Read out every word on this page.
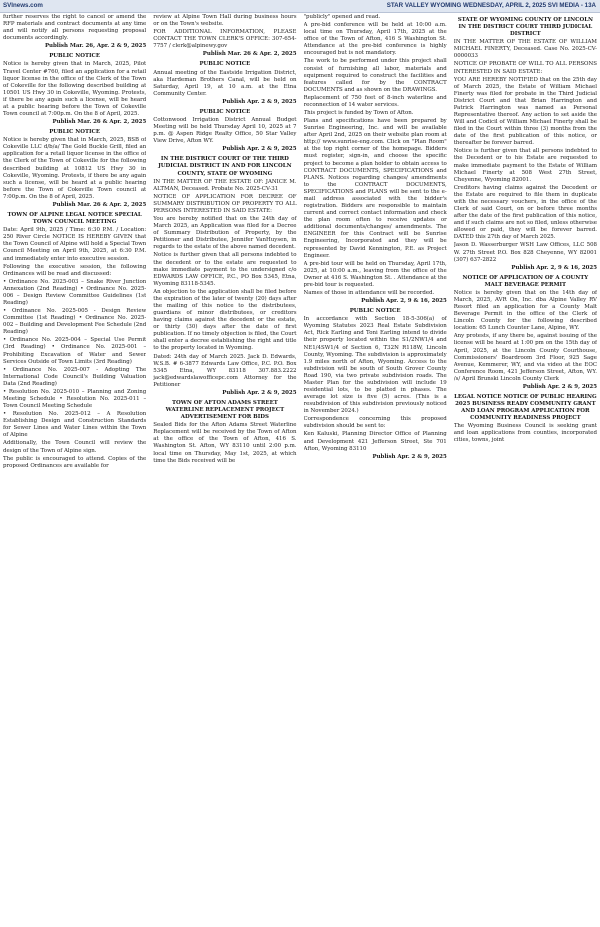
SVInews.com	STAR VALLEY WYOMING WEDNESDAY, APRIL 2, 2025 SVI MEDIA - 13A

further reserves the right to cancel or amend the RFP materials and contract documents at any time and will notify all persons requesting proposal documents accordingly.

Publish Mar. 26, Apr. 2 & 9, 2025

PUBLIC NOTICE

Notice is hereby given that in March, 2025, Pilot Travel Center #760, filed an application for a retail liquor license in the office of the Clerk of the Town of Cokeville for the following described building at 10501 US Hwy 30 in Cokeville, Wyoming. Protests, if there be any again such a license, will be heard at a public hearing before the Town of Cokeville Town council at 7:00p.m. On the 8 of April, 2025.

Publish Mar. 26 & Apr. 2, 2025

PUBLIC NOTICE

Notice is hereby given that in March, 2025, BSB of Cokeville LLC d/b/a/ The Gold Buckle Grill, filed an application for a retail liquor license in the office of the Clerk of the Town of Cokeville for the following described building at 10812 US Hwy 30 in Cokeville, Wyoming. Protests, if there be any again such a license, will be heard at a public hearing before the Town of Cokeville Town council at 7:00p.m. On the 8 of April, 2025.

Publish Mar. 26 & Apr. 2, 2025

TOWN OF ALPINE LEGAL NOTICE SPECIAL TOWN COUNCIL MEETING

Date: April 9th, 2025 / Time: 6:30 P.M. / Location: 250 River Circle NOTICE IS HEREBY GIVEN that the Town Council of Alpine will hold a Special Town Council Meeting on April 9th, 2025, at 6:30 P.M. and immediately enter into executive session.

Following the executive session, the following Ordinances will be read and discussed:

• Ordinance No. 2025-003 – Snake River Junction Annexation (2nd Reading) • Ordinance No. 2025-006 – Design Review Committee Guidelines (1st Reading)

• Ordinance No. 2025-005 - Design Review Committee (1st Reading) • Ordinance No. 2025-002 – Building and Development Fee Schedule (2nd Reading)

• Ordinance No. 2025-004 – Special Use Permit (3rd Reading) • Ordinance No. 2025-001 – Prohibiting Excavation of Water and Sewer Services Outside of Town Limits (3rd Reading)

• Ordinance No. 2025-007 - Adopting The International Code Council's Building Valuation Data (2nd Reading)

• Resolution No. 2025-010 – Planning and Zoning Meeting Schedule • Resolution No. 2025-011 – Town Council Meeting Schedule

• Resolution No. 2025-012 – A Resolution Establishing Design and Construction Standards for Sewer Lines and Water Lines within the Town of Alpine

Additionally, the Town Council will review the design of the Town of Alpine sign.

The public is encouraged to attend. Copies of the proposed Ordinances are available for

review at Alpine Town Hall during business hours or on the Town's website.

FOR ADDITIONAL INFORMATION, PLEASE CONTACT THE TOWN CLERK'S OFFICE: 307-654-7757 / clerk@alpinewy.gov

Publish Mar. 26 & Apr. 2, 2025

PUBLIC NOTICE

Annual meeting of the Eastside Irrigation District, aka Hardeman Brothers Canal, will be held on Saturday, April 19, at 10 a.m. at the Etna Community Center.

Publish Apr. 2 & 9, 2025

PUBLIC NOTICE

Cottonwood Irrigation District Annual Budget Meeting will be held Thursday April 10, 2025 at 7 p.m. @ Aspen Ridge Realty Office, 50 Star Valley View Drive, Afton WY.

Publish Apr. 2 & 9, 2025

IN THE DISTRICT COURT OF THE THIRD JUDICIAL DISTRICT IN AND FOR LINCOLN COUNTY, STATE OF WYOMING

IN THE MATTER OF THE ESTATE OF: JANICE M. ALTMAN, Deceased. Probate No. 2025-CV-31

NOTICE OF APPLICATION FOR DECREE OF SUMMARY DISTRIBUTION OF PROPERTY TO ALL PERSONS INTERESTED IN SAID ESTATE:

You are hereby notified that on the 24th day of March 2025, an Application was filed for a Decree of Summary Distribution of Property, by the Petitioner and Distributee, Jennifer VanHuysen, in regards to the estate of the above named decedent.

Notice is further given that all persons indebted to the decedent or to the estate are requested to make immediate payment to the undersigned c/o EDWARDS LAW OFFICE, P.C., PO Box 5345, Etna, Wyoming 83118-5345.

An objection to the application shall be filed before the expiration of the later of twenty (20) days after the mailing of this notice to the distributees, guardians of minor distributees, or creditors having claims against the decedent or the estate, or thirty (30) days after the date of first publication. If no timely objection is filed, the Court shall enter a decree establishing the right and title to the property located in Wyoming.

Dated: 24th day of March 2025. Jack D. Edwards, W.S.B. # 6-3877 Edwards Law Office, P.C. P.O. Box 5345 Etna, WY 83118 307.883.2222 jack@edwardslawofficepc.com Attorney for the Petitioner

Publish Apr. 2 & 9, 2025

TOWN OF AFTON ADAMS STREET WATERLINE REPLACEMENT PROJECT ADVERTISEMENT FOR BIDS

Sealed Bids for the Afton Adams Street Waterline Replacement will be received by the Town of Afton at the office of the Town of Afton, 416 S. Washington St. Afton, WY 83110 until 2:00 p.m. local time on Thursday, May 1st, 2025, at which time the Bids received will be

"publicly" opened and read.

A pre-bid conference will be held at 10:00 a.m. local time on Thursday, April 17th, 2025 at the office of the Town of Afton, 416 S Washington St. Attendance at the pre-bid conference is highly encouraged but is not mandatory.

The work to be performed under this project shall consist of furnishing all labor, materials and equipment required to construct the facilities and features called for by the CONTRACT DOCUMENTS and as shown on the DRAWINGS.

Replacement of 750 feet of 8-inch waterline and reconnection of 14 water services.

This project is funded by Town of Afton.

Plans and specifications have been prepared by Sunrise Engineering, Inc. and will be available after April 2nd, 2025 on their website plan room at http:// www.sunrise-eng.com. Click on "Plan Room" at the top right corner of the homepage. Bidders must register, sign-in, and choose the specific project to become a plan holder to obtain access to CONTRACT DOCUMENTS, SPECIFICATIONS and PLANS. Notices regarding changes/ amendments to the CONTRACT DOCUMENTS, SPECIFICATIONS and PLANS will be sent to the e-mail address associated with the bidder's registration. Bidders are responsible to maintain current and correct contact information and check the plan room often to receive updates or additional documents/changes/ amendments. The ENGINEER for this Contract will be Sunrise Engineering, Incorporated and they will be represented by David Kennington, P.E. as Project Engineer.

A pre-bid tour will be held on Thursday, April 17th, 2025, at 10:00 a.m., leaving from the office of the Owner at 416 S. Washington St. . Attendance at the pre-bid tour is requested.

Names of those in attendance will be recorded.

Publish Apr. 2, 9 & 16, 2025

PUBLIC NOTICE

In accordance with Section 18-5-306(a) of Wyoming Statutes 2023 Real Estate Subdivision Act, Rick Earling and Toni Earling intend to divide their property located within the S1/2NW1/4 and NE1/4SW1/4 of Section 6, T32N R118W, Lincoln County, Wyoming. The subdivision is approximately 1.9 miles north of Afton, Wyoming. Access to the subdivision will be south of South Grover County Road 190, via two private subdivision roads. The Master Plan for the subdivision will include 19 residential lots, to be platted in phases. The average lot size is five (5) acres. (This is a resubdivision of this subdivision previously noticed in November 2024.)

Correspondence concerning this proposed subdivision should be sent to:

Ken Kaluski, Planning Director Office of Planning and Development 421 Jefferson Street, Ste 701 Afton, Wyoming 83110

Publish Apr. 2 & 9, 2025

STATE OF WYOMING COUNTY OF LINCOLN IN THE DISTRICT COURT THIRD JUDICIAL DISTRICT

IN THE MATTER OF THE ESTATE OF WILLIAM MICHAEL FINERTY, Deceased. Case No. 2025-CV-0000033

NOTICE OF PROBATE OF WILL TO ALL PERSONS INTERESTED IN SAID ESTATE:

YOU ARE HEREBY NOTIFIED that on the 25th day of March 2025, the Estate of William Michael Finerty was filed for probate in the Third Judicial District Court and that Brian Harrington and Patrick Harrington was named as Personal Representative thereof. Any action to set aside the Will and Codicil of William Michael Finerty shall be filed in the Court within three (3) months from the date of the first publication of this notice, or thereafter be forever barred.

Notice is further given that all persons indebted to the Decedent or to his Estate are requested to make immediate payment to the Estate of William Michael Finerty at 508 West 27th Street, Cheyenne, Wyoming 82001.

Creditors having claims against the Decedent or the Estate are required to file them in duplicate with the necessary vouchers, in the office of the Clerk of said Court, on or before three months after the date of the first publication of this notice, and if such claims are not so filed, unless otherwise allowed or paid, they will be forever barred. DATED this 27th day of March 2025.

Jason D. Wasserburger WSH Law Offices, LLC 508 W. 27th Street P.O. Box 828 Cheyenne, WY 82001 (307) 637-2822

Publish Apr. 2, 9 & 16, 2025

NOTICE OF APPLICATION OF A COUNTY MALT BEVERAGE PERMIT

Notice is hereby given that on the 14th day of March, 2025, AVR On, Inc. dba Alpine Valley RV Resort filed an application for a County Malt Beverage Permit in the office of the Clerk of Lincoln County for the following described location: 65 Lunch Counter Lane, Alpine, WY.

Any protests, if any there be, against issuing of the license will be heard at 1:00 pm on the 15th day of April, 2025, at the Lincoln County Courthouse, Commissioners' Boardroom 3rd Floor, 925 Sage Avenue, Kemmerer, WY, and via video at the EOC Conference Room, 421 Jefferson Street, Afton, WY. /s/ April Brunski Lincoln County Clerk

Publish Apr. 2 & 9, 2025

LEGAL NOTICE NOTICE OF PUBLIC HEARING 2025 BUSINESS READY COMMUNITY GRANT AND LOAN PROGRAM APPLICATION FOR COMMUNITY READINESS PROJECT

The Wyoming Business Council is seeking grant and loan applications from counties, incorporated cities, towns, joint
